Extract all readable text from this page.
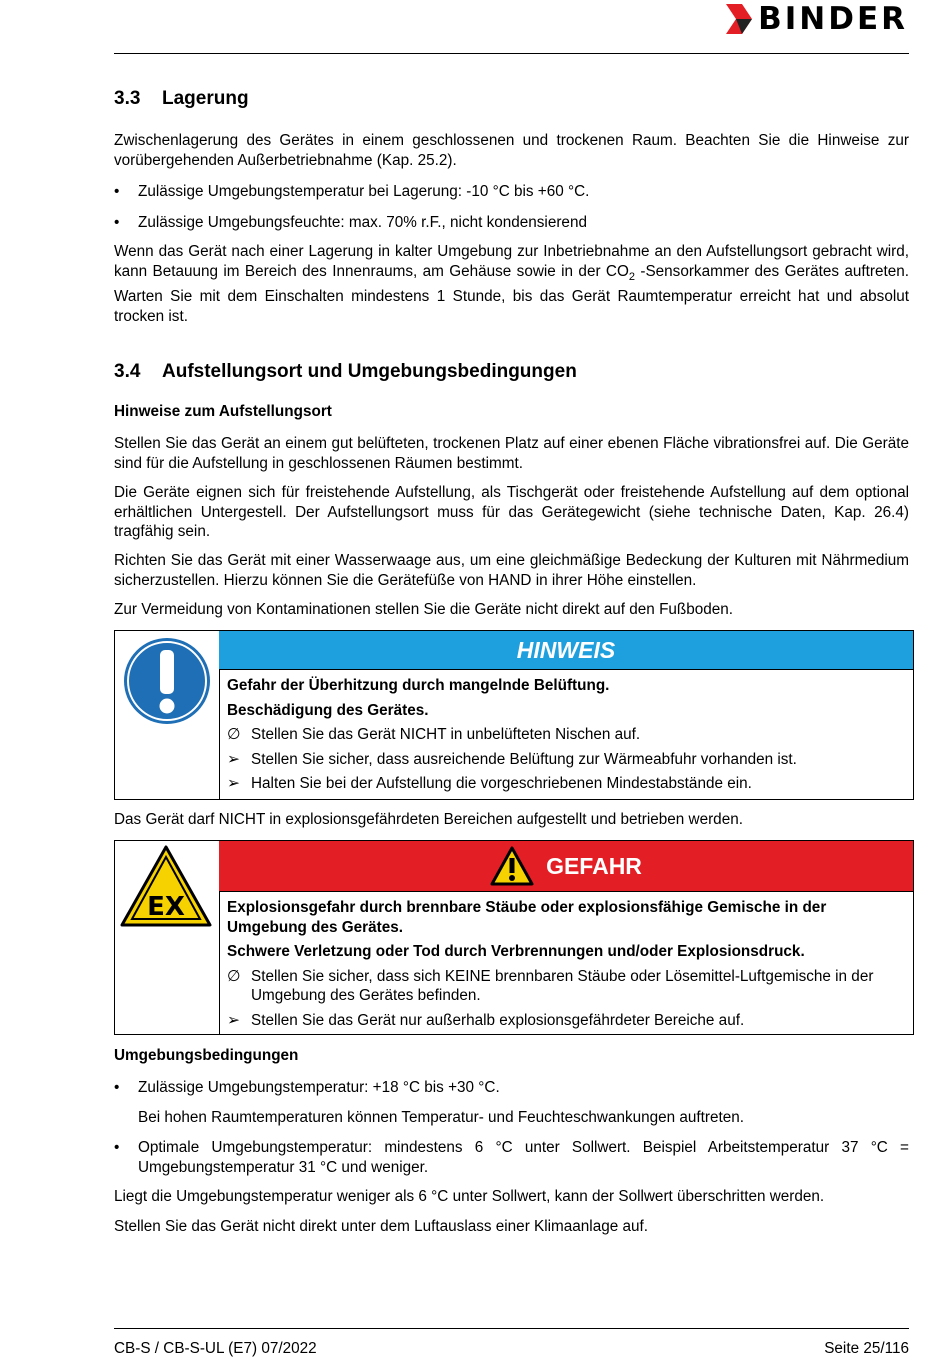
BINDER
3.3 Lagerung
Zwischenlagerung des Gerätes in einem geschlossenen und trockenen Raum. Beachten Sie die Hinweise zur vorübergehenden Außerbetriebnahme (Kap. 25.2).
• Zulässige Umgebungstemperatur bei Lagerung: -10 °C bis +60 °C.
• Zulässige Umgebungsfeuchte: max. 70% r.F., nicht kondensierend
Wenn das Gerät nach einer Lagerung in kalter Umgebung zur Inbetriebnahme an den Aufstellungsort gebracht wird, kann Betauung im Bereich des Innenraums, am Gehäuse sowie in der $CO_2$ -Sensorkammer des Gerätes auftreten. Warten Sie mit dem Einschalten mindestens 1 Stunde, bis das Gerät Raumtemperatur erreicht hat und absolut trocken ist.
3.4 Aufstellungsort und Umgebungsbedingungen
Hinweise zum Aufstellungsort
Stellen Sie das Gerät an einem gut belüfteten, trockenen Platz auf einer ebenen Fläche vibrationsfrei auf. Die Geräte sind für die Aufstellung in geschlossenen Räumen bestimmt.
Die Geräte eignen sich für freistehende Aufstellung, als Tischgerät oder freistehende Aufstellung auf dem optional erhältlichen Untergestell. Der Aufstellungsort muss für das Gerätegewicht (siehe technische Daten, Kap. 26.4) tragfähig sein.
Richten Sie das Gerät mit einer Wasserwaage aus, um eine gleichmäßige Bedeckung der Kulturen mit Nährmedium sicherzustellen. Hierzu können Sie die Gerätefüße von HAND in ihrer Höhe einstellen.
Zur Vermeidung von Kontaminationen stellen Sie die Geräte nicht direkt auf den Fußboden.
HINWEIS
Gefahr der Überhitzung durch mangelnde Belüftung.
Beschädigung des Gerätes.
∅ Stellen Sie das Gerät NICHT in unbelüfteten Nischen auf.
➢ Stellen Sie sicher, dass ausreichende Belüftung zur Wärmeabfuhr vorhanden ist.
➢ Halten Sie bei der Aufstellung die vorgeschriebenen Mindestabstände ein.
Das Gerät darf NICHT in explosionsgefährdeten Bereichen aufgestellt und betrieben werden.
EX
GEFAHR
Explosionsgefahr durch brennbare Stäube oder explosionsfähige Gemische in der Umgebung des Gerätes.
Schwere Verletzung oder Tod durch Verbrennungen und/oder Explosionsdruck.
∅ Stellen Sie sicher, dass sich KEINE brennbaren Stäube oder Lösemittel-Luftgemische in der Umgebung des Gerätes befinden.
➢ Stellen Sie das Gerät nur außerhalb explosionsgefährdeter Bereiche auf.
Umgebungsbedingungen
• Zulässige Umgebungstemperatur: +18 °C bis +30 °C.
Bei hohen Raumtemperaturen können Temperatur- und Feuchteschwankungen auftreten.
• Optimale Umgebungstemperatur: mindestens 6 °C unter Sollwert. Beispiel Arbeitstemperatur 37 °C = Umgebungstemperatur 31 °C und weniger.
Liegt die Umgebungstemperatur weniger als 6 °C unter Sollwert, kann der Sollwert überschritten werden.
Stellen Sie das Gerät nicht direkt unter dem Luftauslass einer Klimaanlage auf.
CB-S / CB-S-UL (E7) 07/2022	Seite 25/116
